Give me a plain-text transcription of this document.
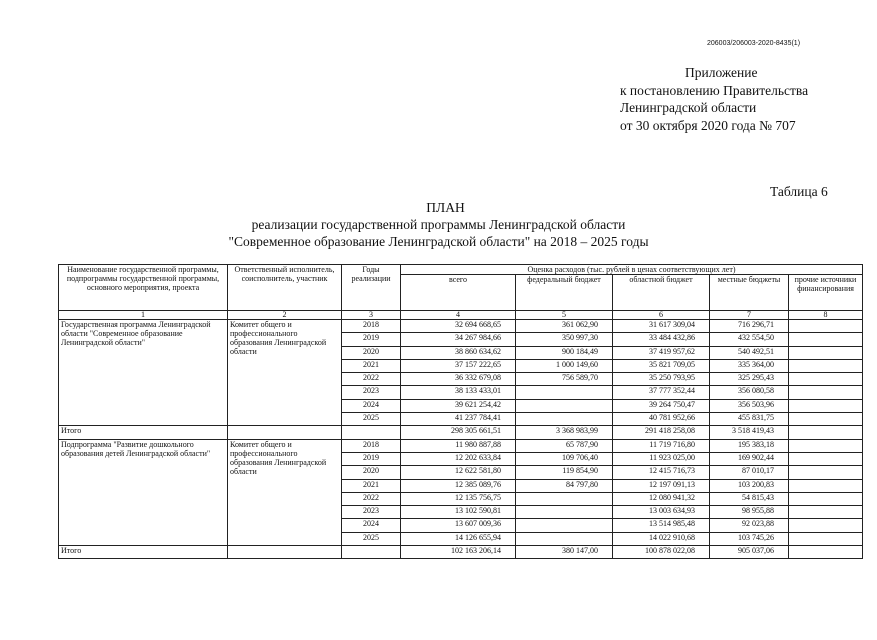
206003/206003-2020-8435(1)
Приложение
к постановлению Правительства
Ленинградской области
от 30 октября 2020 года № 707
Таблица 6
ПЛАН
реализации государственной программы Ленинградской области
"Современное образование Ленинградской области" на 2018 – 2025 годы
Наименование государственной программы, подпрограммы государственной программы, основного мероприятия, проекта	Ответственный исполнитель, соисполнитель, участник	Годы реализации	Оценка расходов (тыс. рублей в ценах соответствующих лет)				
			всего	федеральный бюджет	областной бюджет	местные бюджеты	прочие источники финансирования
1	2	3	4	5	6	7	8
Государственная программа Ленинградской области "Современное образование Ленинградской области"	Комитет общего и профессионального образования Ленинградской области	2018	32 694 668,65	361 062,90	31 617 309,04	716 296,71	
		2019	34 267 984,66	350 997,30	33 484 432,86	432 554,50	
		2020	38 860 634,62	900 184,49	37 419 957,62	540 492,51	
		2021	37 157 222,65	1 000 149,60	35 821 709,05	335 364,00	
		2022	36 332 679,08	756 589,70	35 250 793,95	325 295,43	
		2023	38 133 433,01		37 777 352,44	356 080,58	
		2024	39 621 254,42		39 264 750,47	356 503,96	
		2025	41 237 784,41		40 781 952,66	455 831,75	
Итого			298 305 661,51	3 368 983,99	291 418 258,08	3 518 419,43	
Подпрограмма "Развитие дошкольного образования детей Ленинградской области"	Комитет общего и профессионального образования Ленинградской области	2018	11 980 887,88	65 787,90	11 719 716,80	195 383,18	
		2019	12 202 633,84	109 706,40	11 923 025,00	169 902,44	
		2020	12 622 581,80	119 854,90	12 415 716,73	87 010,17	
		2021	12 385 089,76	84 797,80	12 197 091,13	103 200,83	
		2022	12 135 756,75		12 080 941,32	54 815,43	
		2023	13 102 590,81		13 003 634,93	98 955,88	
		2024	13 607 009,36		13 514 985,48	92 023,88	
		2025	14 126 655,94		14 022 910,68	103 745,26	
Итого			102 163 206,14	380 147,00	100 878 022,08	905 037,06	
